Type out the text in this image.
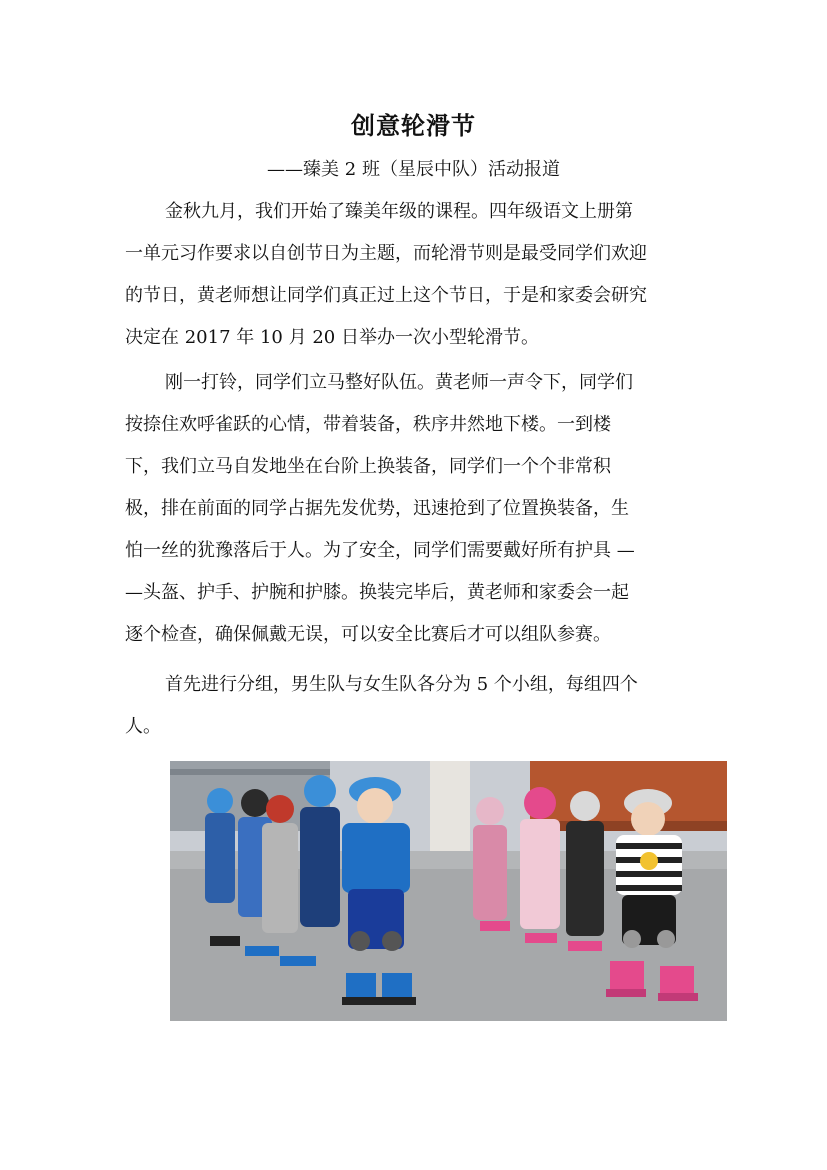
创意轮滑节
——臻美 2 班（星辰中队）活动报道
金秋九月，我们开始了臻美年级的课程。四年级语文上册第
一单元习作要求以自创节日为主题，而轮滑节则是最受同学们欢迎
的节日，黄老师想让同学们真正过上这个节日，于是和家委会研究
决定在 2017 年 10 月 20 日举办一次小型轮滑节。
刚一打铃，同学们立马整好队伍。黄老师一声令下，同学们
按捺住欢呼雀跃的心情，带着装备，秩序井然地下楼。一到楼
下，我们立马自发地坐在台阶上换装备，同学们一个个非常积
极，排在前面的同学占据先发优势，迅速抢到了位置换装备，生
怕一丝的犹豫落后于人。为了安全，同学们需要戴好所有护具 —
—头盔、护手、护腕和护膝。换装完毕后，黄老师和家委会一起
逐个检查，确保佩戴无误，可以安全比赛后才可以组队参赛。
首先进行分组，男生队与女生队各分为 5 个小组，每组四个
人。
